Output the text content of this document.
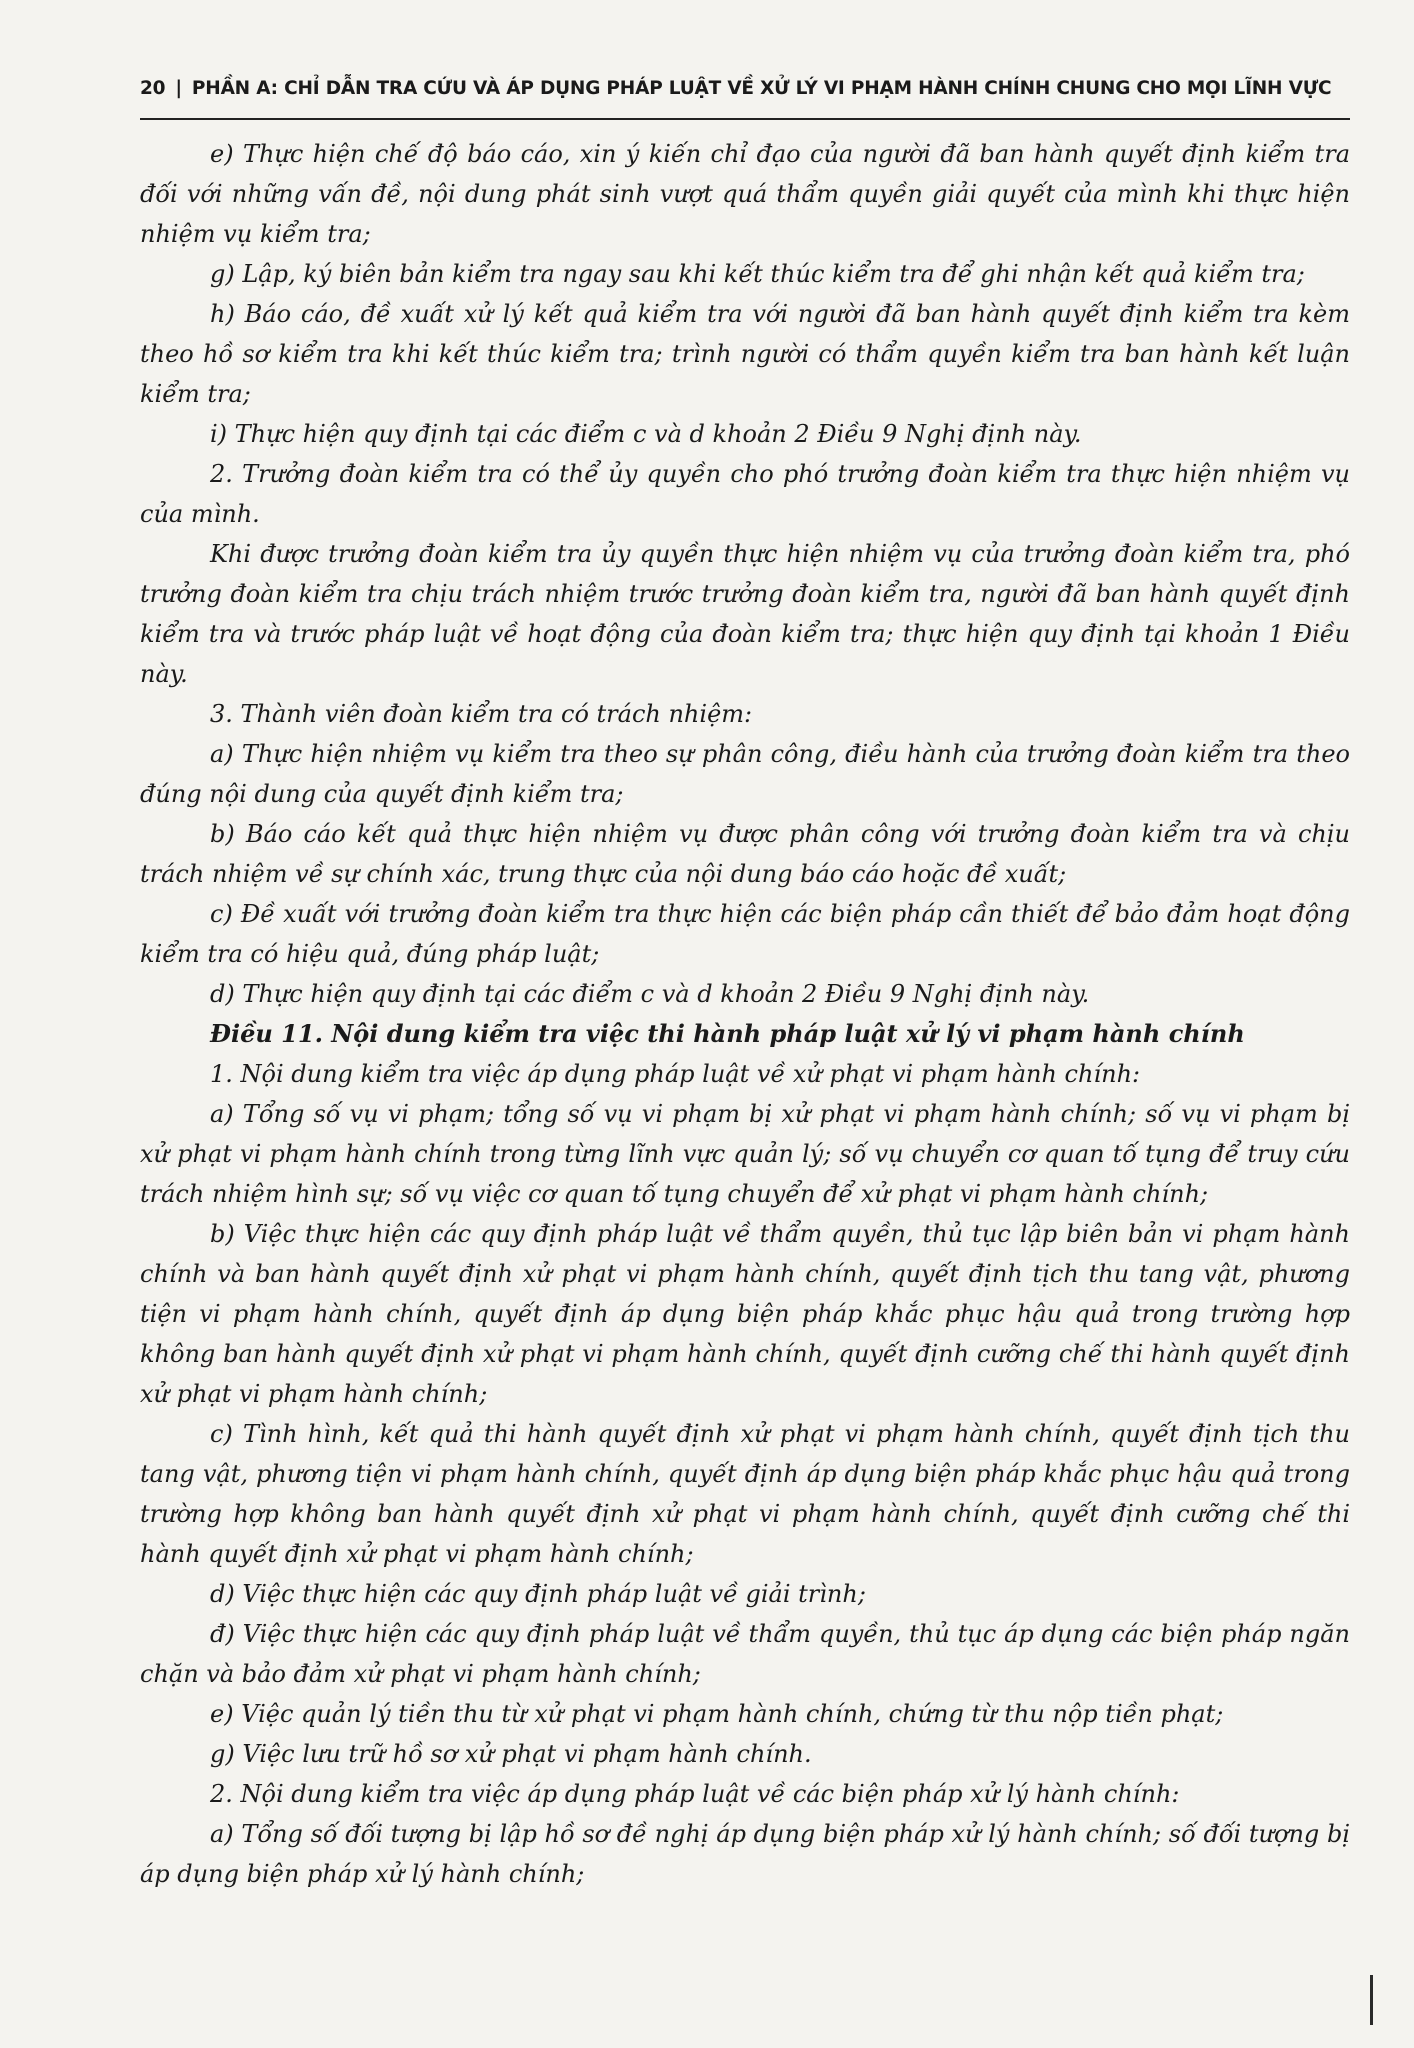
20 | PHẦN A: CHỈ DẪN TRA CỨU VÀ ÁP DỤNG PHÁP LUẬT VỀ XỬ LÝ VI PHẠM HÀNH CHÍNH CHUNG CHO MỌI LĨNH VỰC

e) Thực hiện chế độ báo cáo, xin ý kiến chỉ đạo của người đã ban hành quyết định kiểm tra đối với những vấn đề, nội dung phát sinh vượt quá thẩm quyền giải quyết của mình khi thực hiện nhiệm vụ kiểm tra;

g) Lập, ký biên bản kiểm tra ngay sau khi kết thúc kiểm tra để ghi nhận kết quả kiểm tra;

h) Báo cáo, đề xuất xử lý kết quả kiểm tra với người đã ban hành quyết định kiểm tra kèm theo hồ sơ kiểm tra khi kết thúc kiểm tra; trình người có thẩm quyền kiểm tra ban hành kết luận kiểm tra;

i) Thực hiện quy định tại các điểm c và d khoản 2 Điều 9 Nghị định này.

2. Trưởng đoàn kiểm tra có thể ủy quyền cho phó trưởng đoàn kiểm tra thực hiện nhiệm vụ của mình.

Khi được trưởng đoàn kiểm tra ủy quyền thực hiện nhiệm vụ của trưởng đoàn kiểm tra, phó trưởng đoàn kiểm tra chịu trách nhiệm trước trưởng đoàn kiểm tra, người đã ban hành quyết định kiểm tra và trước pháp luật về hoạt động của đoàn kiểm tra; thực hiện quy định tại khoản 1 Điều này.

3. Thành viên đoàn kiểm tra có trách nhiệm:

a) Thực hiện nhiệm vụ kiểm tra theo sự phân công, điều hành của trưởng đoàn kiểm tra theo đúng nội dung của quyết định kiểm tra;

b) Báo cáo kết quả thực hiện nhiệm vụ được phân công với trưởng đoàn kiểm tra và chịu trách nhiệm về sự chính xác, trung thực của nội dung báo cáo hoặc đề xuất;

c) Đề xuất với trưởng đoàn kiểm tra thực hiện các biện pháp cần thiết để bảo đảm hoạt động kiểm tra có hiệu quả, đúng pháp luật;

d) Thực hiện quy định tại các điểm c và d khoản 2 Điều 9 Nghị định này.

Điều 11. Nội dung kiểm tra việc thi hành pháp luật xử lý vi phạm hành chính

1. Nội dung kiểm tra việc áp dụng pháp luật về xử phạt vi phạm hành chính:

a) Tổng số vụ vi phạm; tổng số vụ vi phạm bị xử phạt vi phạm hành chính; số vụ vi phạm bị xử phạt vi phạm hành chính trong từng lĩnh vực quản lý; số vụ chuyển cơ quan tố tụng để truy cứu trách nhiệm hình sự; số vụ việc cơ quan tố tụng chuyển để xử phạt vi phạm hành chính;

b) Việc thực hiện các quy định pháp luật về thẩm quyền, thủ tục lập biên bản vi phạm hành chính và ban hành quyết định xử phạt vi phạm hành chính, quyết định tịch thu tang vật, phương tiện vi phạm hành chính, quyết định áp dụng biện pháp khắc phục hậu quả trong trường hợp không ban hành quyết định xử phạt vi phạm hành chính, quyết định cưỡng chế thi hành quyết định xử phạt vi phạm hành chính;

c) Tình hình, kết quả thi hành quyết định xử phạt vi phạm hành chính, quyết định tịch thu tang vật, phương tiện vi phạm hành chính, quyết định áp dụng biện pháp khắc phục hậu quả trong trường hợp không ban hành quyết định xử phạt vi phạm hành chính, quyết định cưỡng chế thi hành quyết định xử phạt vi phạm hành chính;

d) Việc thực hiện các quy định pháp luật về giải trình;

đ) Việc thực hiện các quy định pháp luật về thẩm quyền, thủ tục áp dụng các biện pháp ngăn chặn và bảo đảm xử phạt vi phạm hành chính;

e) Việc quản lý tiền thu từ xử phạt vi phạm hành chính, chứng từ thu nộp tiền phạt;

g) Việc lưu trữ hồ sơ xử phạt vi phạm hành chính.

2. Nội dung kiểm tra việc áp dụng pháp luật về các biện pháp xử lý hành chính:

a) Tổng số đối tượng bị lập hồ sơ đề nghị áp dụng biện pháp xử lý hành chính; số đối tượng bị áp dụng biện pháp xử lý hành chính;
